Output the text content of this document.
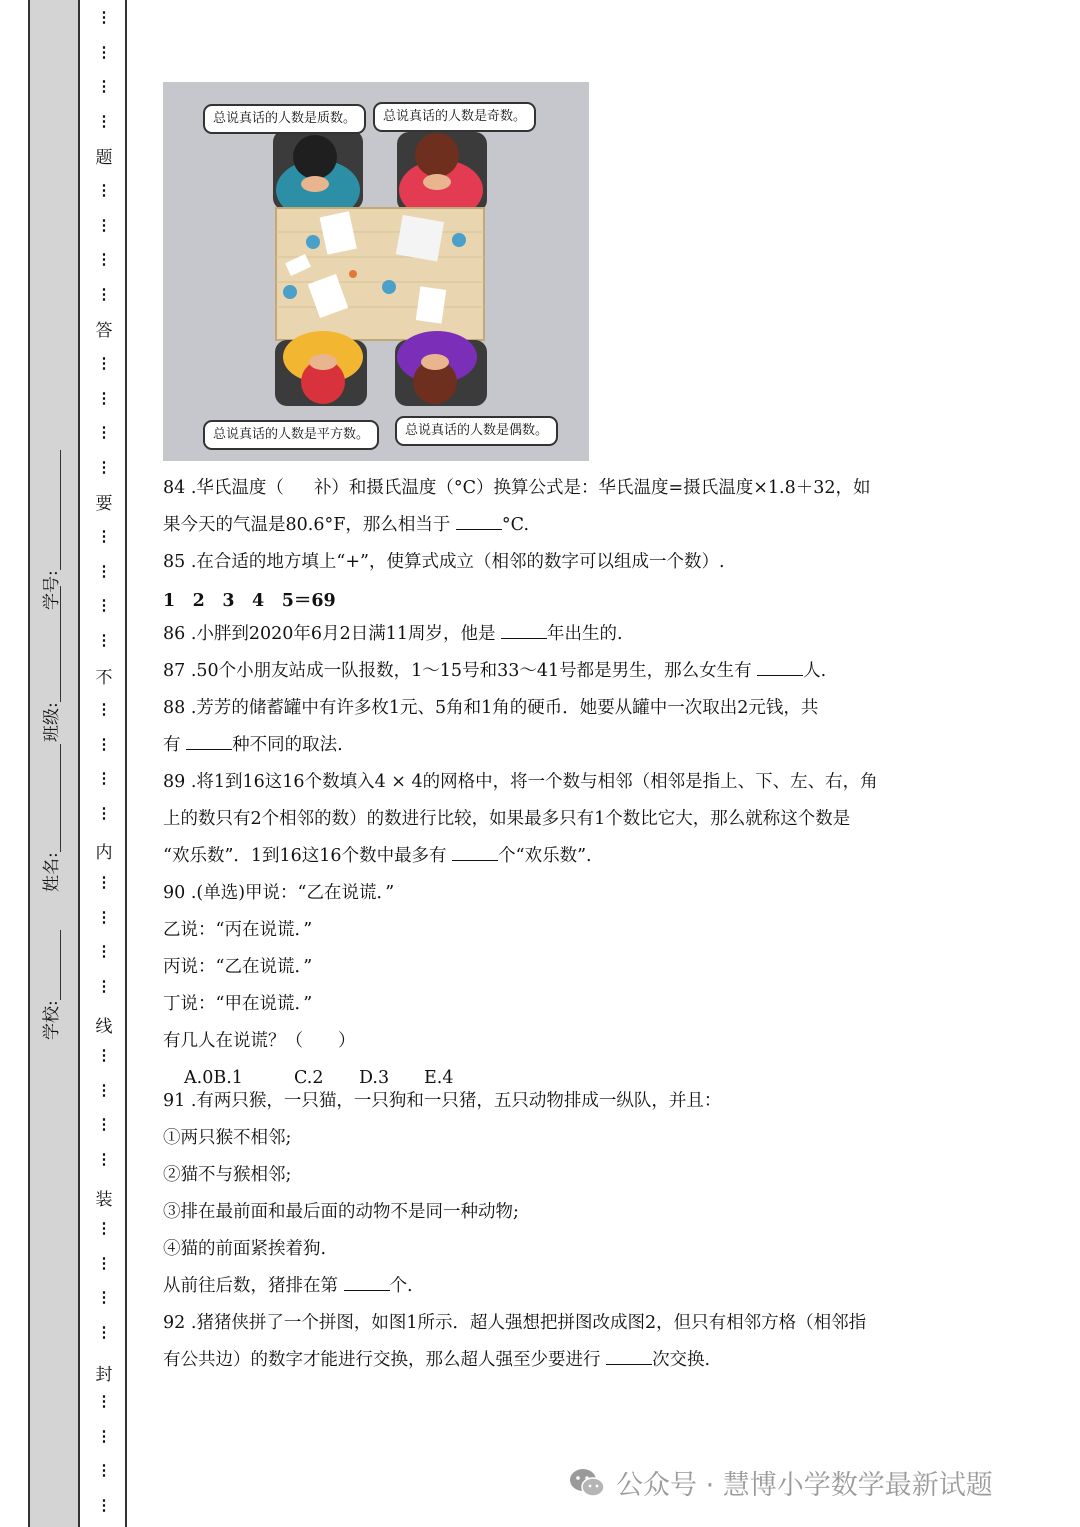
学校:
姓名:
班级:
学号:
⋮
⋮
⋮
⋮
⋮
⋮
⋮
⋮
⋮
⋮
⋮
⋮
⋮
⋮
⋮
⋮
⋮
⋮
⋮
⋮
⋮
⋮
⋮
⋮
⋮
⋮
⋮
⋮
⋮
⋮
⋮
⋮
⋮
⋮
⋮
⋮
题
答
要
不
内
线
装
封
总说真话的人数是质数。	总说真话的人数是奇数。
总说真话的人数是平方数。	总说真话的人数是偶数。
84 .华氏温度（ 䃼）和摄氏温度（°C）换算公式是：华氏温度=摄氏温度×1.8＋32，如
果今天的气温是80.6°F，那么相当于	°C.
85 .在合适的地方填上“+”，使算式成立（相邻的数字可以组成一个数）.
1　2　3　4　5＝69
86 .小胖到2020年6月2日满11周岁，他是	年出生的.
87 .50个小朋友站成一队报数，1～15号和33～41号都是男生，那么女生有	人.
88 .芳芳的储蓄罐中有许多枚1元、5角和1角的硬币．她要从罐中一次取出2元钱，共
有	种不同的取法.
89 .将1到16这16个数填入4 × 4的网格中，将一个数与相邻（相邻是指上、下、左、右，角
上的数只有2个相邻的数）的数进行比较，如果最多只有1个数比它大，那么就称这个数是
“欢乐数”．1到16这16个数中最多有	个“欢乐数”.
90 .(单选)甲说：“乙在说谎．”
乙说：“丙在说谎．”
丙说：“乙在说谎．”
丁说：“甲在说谎．”
有几人在说谎？（　　）
A.0B.1	C.2 D.3 E.4
91 .有两只猴，一只猫，一只狗和一只猪，五只动物排成一纵队，并且：
①两只猴不相邻;
②猫不与猴相邻;
③排在最前面和最后面的动物不是同一种动物;
④猫的前面紧挨着狗.
从前往后数，猪排在第	个.
92 .猪猪侠拼了一个拼图，如图1所示．超人强想把拼图改成图2，但只有相邻方格（相邻指
有公共边）的数字才能进行交换，那么超人强至少要进行	次交换.
公众号 · 慧博小学数学最新试题
